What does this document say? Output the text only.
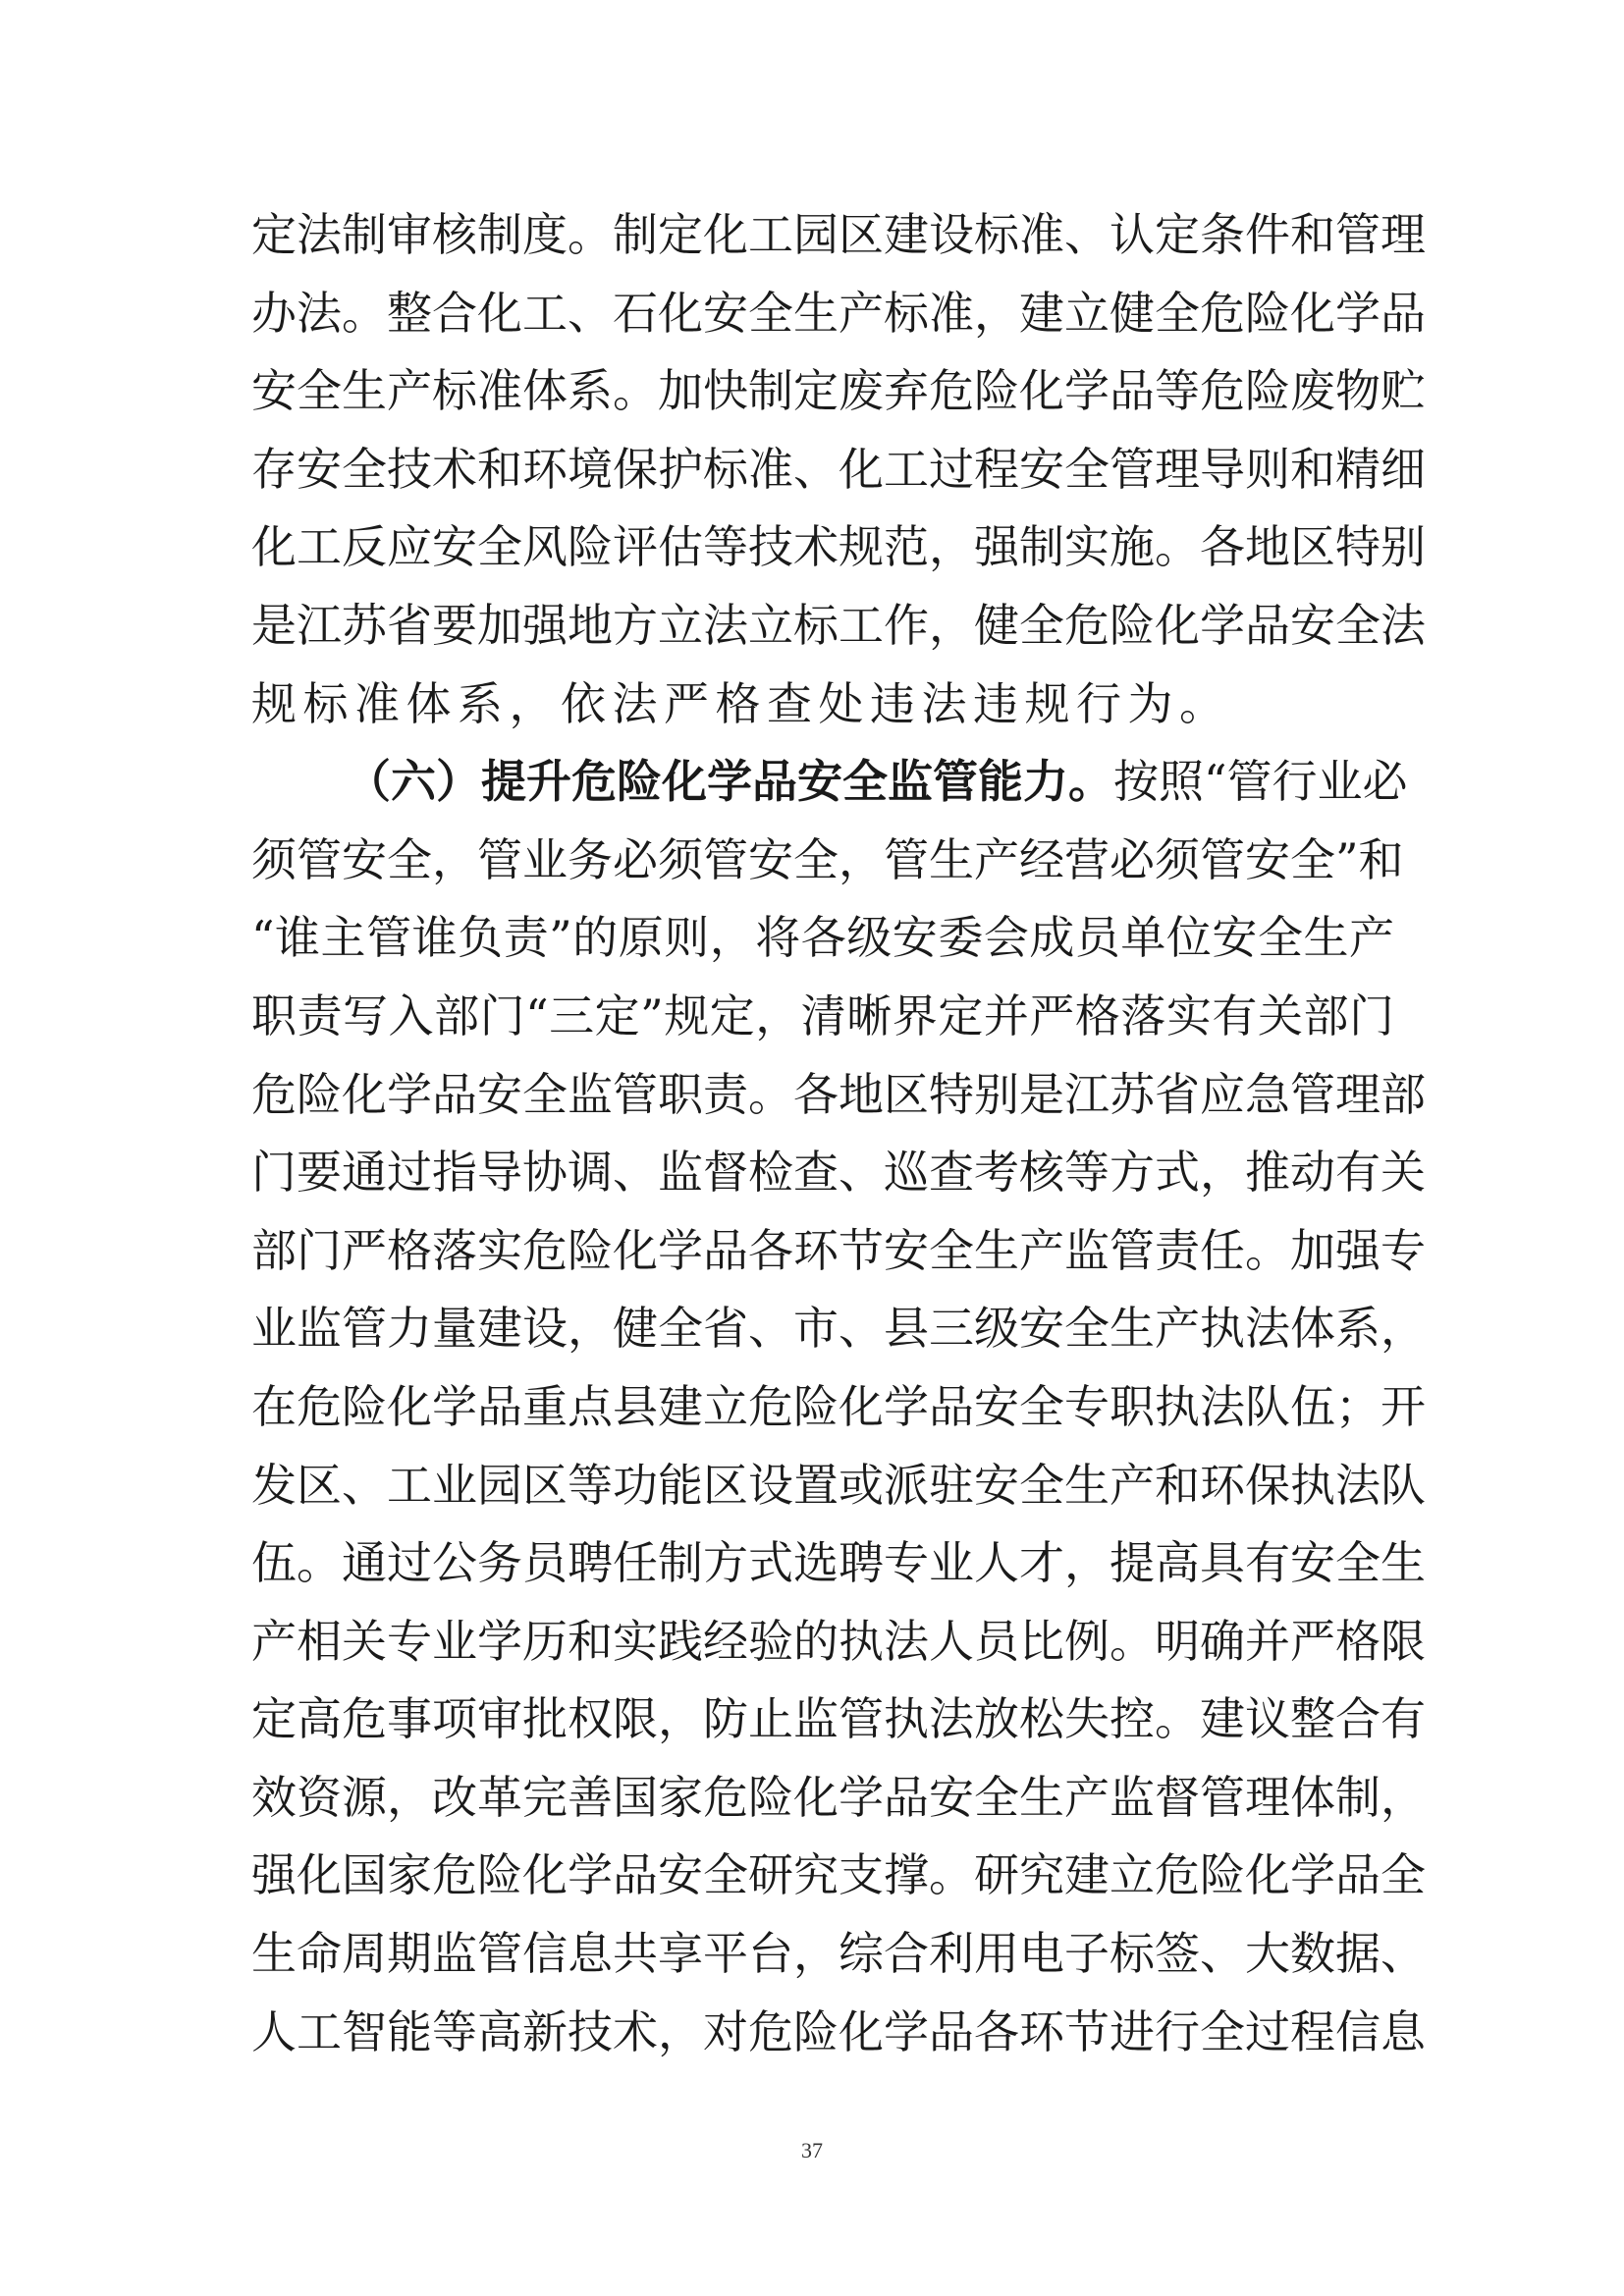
定法制审核制度。制定化工园区建设标准、认定条件和管理
办法。整合化工、石化安全生产标准，建立健全危险化学品
安全生产标准体系。加快制定废弃危险化学品等危险废物贮
存安全技术和环境保护标准、化工过程安全管理导则和精细
化工反应安全风险评估等技术规范，强制实施。各地区特别
是江苏省要加强地方立法立标工作，健全危险化学品安全法
规标准体系，依法严格查处违法违规行为。
（六）提升危险化学品安全监管能力。按照“管行业必
须管安全，管业务必须管安全，管生产经营必须管安全”和
“谁主管谁负责”的原则，将各级安委会成员单位安全生产
职责写入部门“三定”规定，清晰界定并严格落实有关部门
危险化学品安全监管职责。各地区特别是江苏省应急管理部
门要通过指导协调、监督检查、巡查考核等方式，推动有关
部门严格落实危险化学品各环节安全生产监管责任。加强专
业监管力量建设，健全省、市、县三级安全生产执法体系，
在危险化学品重点县建立危险化学品安全专职执法队伍；开
发区、工业园区等功能区设置或派驻安全生产和环保执法队
伍。通过公务员聘任制方式选聘专业人才，提高具有安全生
产相关专业学历和实践经验的执法人员比例。明确并严格限
定高危事项审批权限，防止监管执法放松失控。建议整合有
效资源，改革完善国家危险化学品安全生产监督管理体制，
强化国家危险化学品安全研究支撑。研究建立危险化学品全
生命周期监管信息共享平台，综合利用电子标签、大数据、
人工智能等高新技术，对危险化学品各环节进行全过程信息
37
